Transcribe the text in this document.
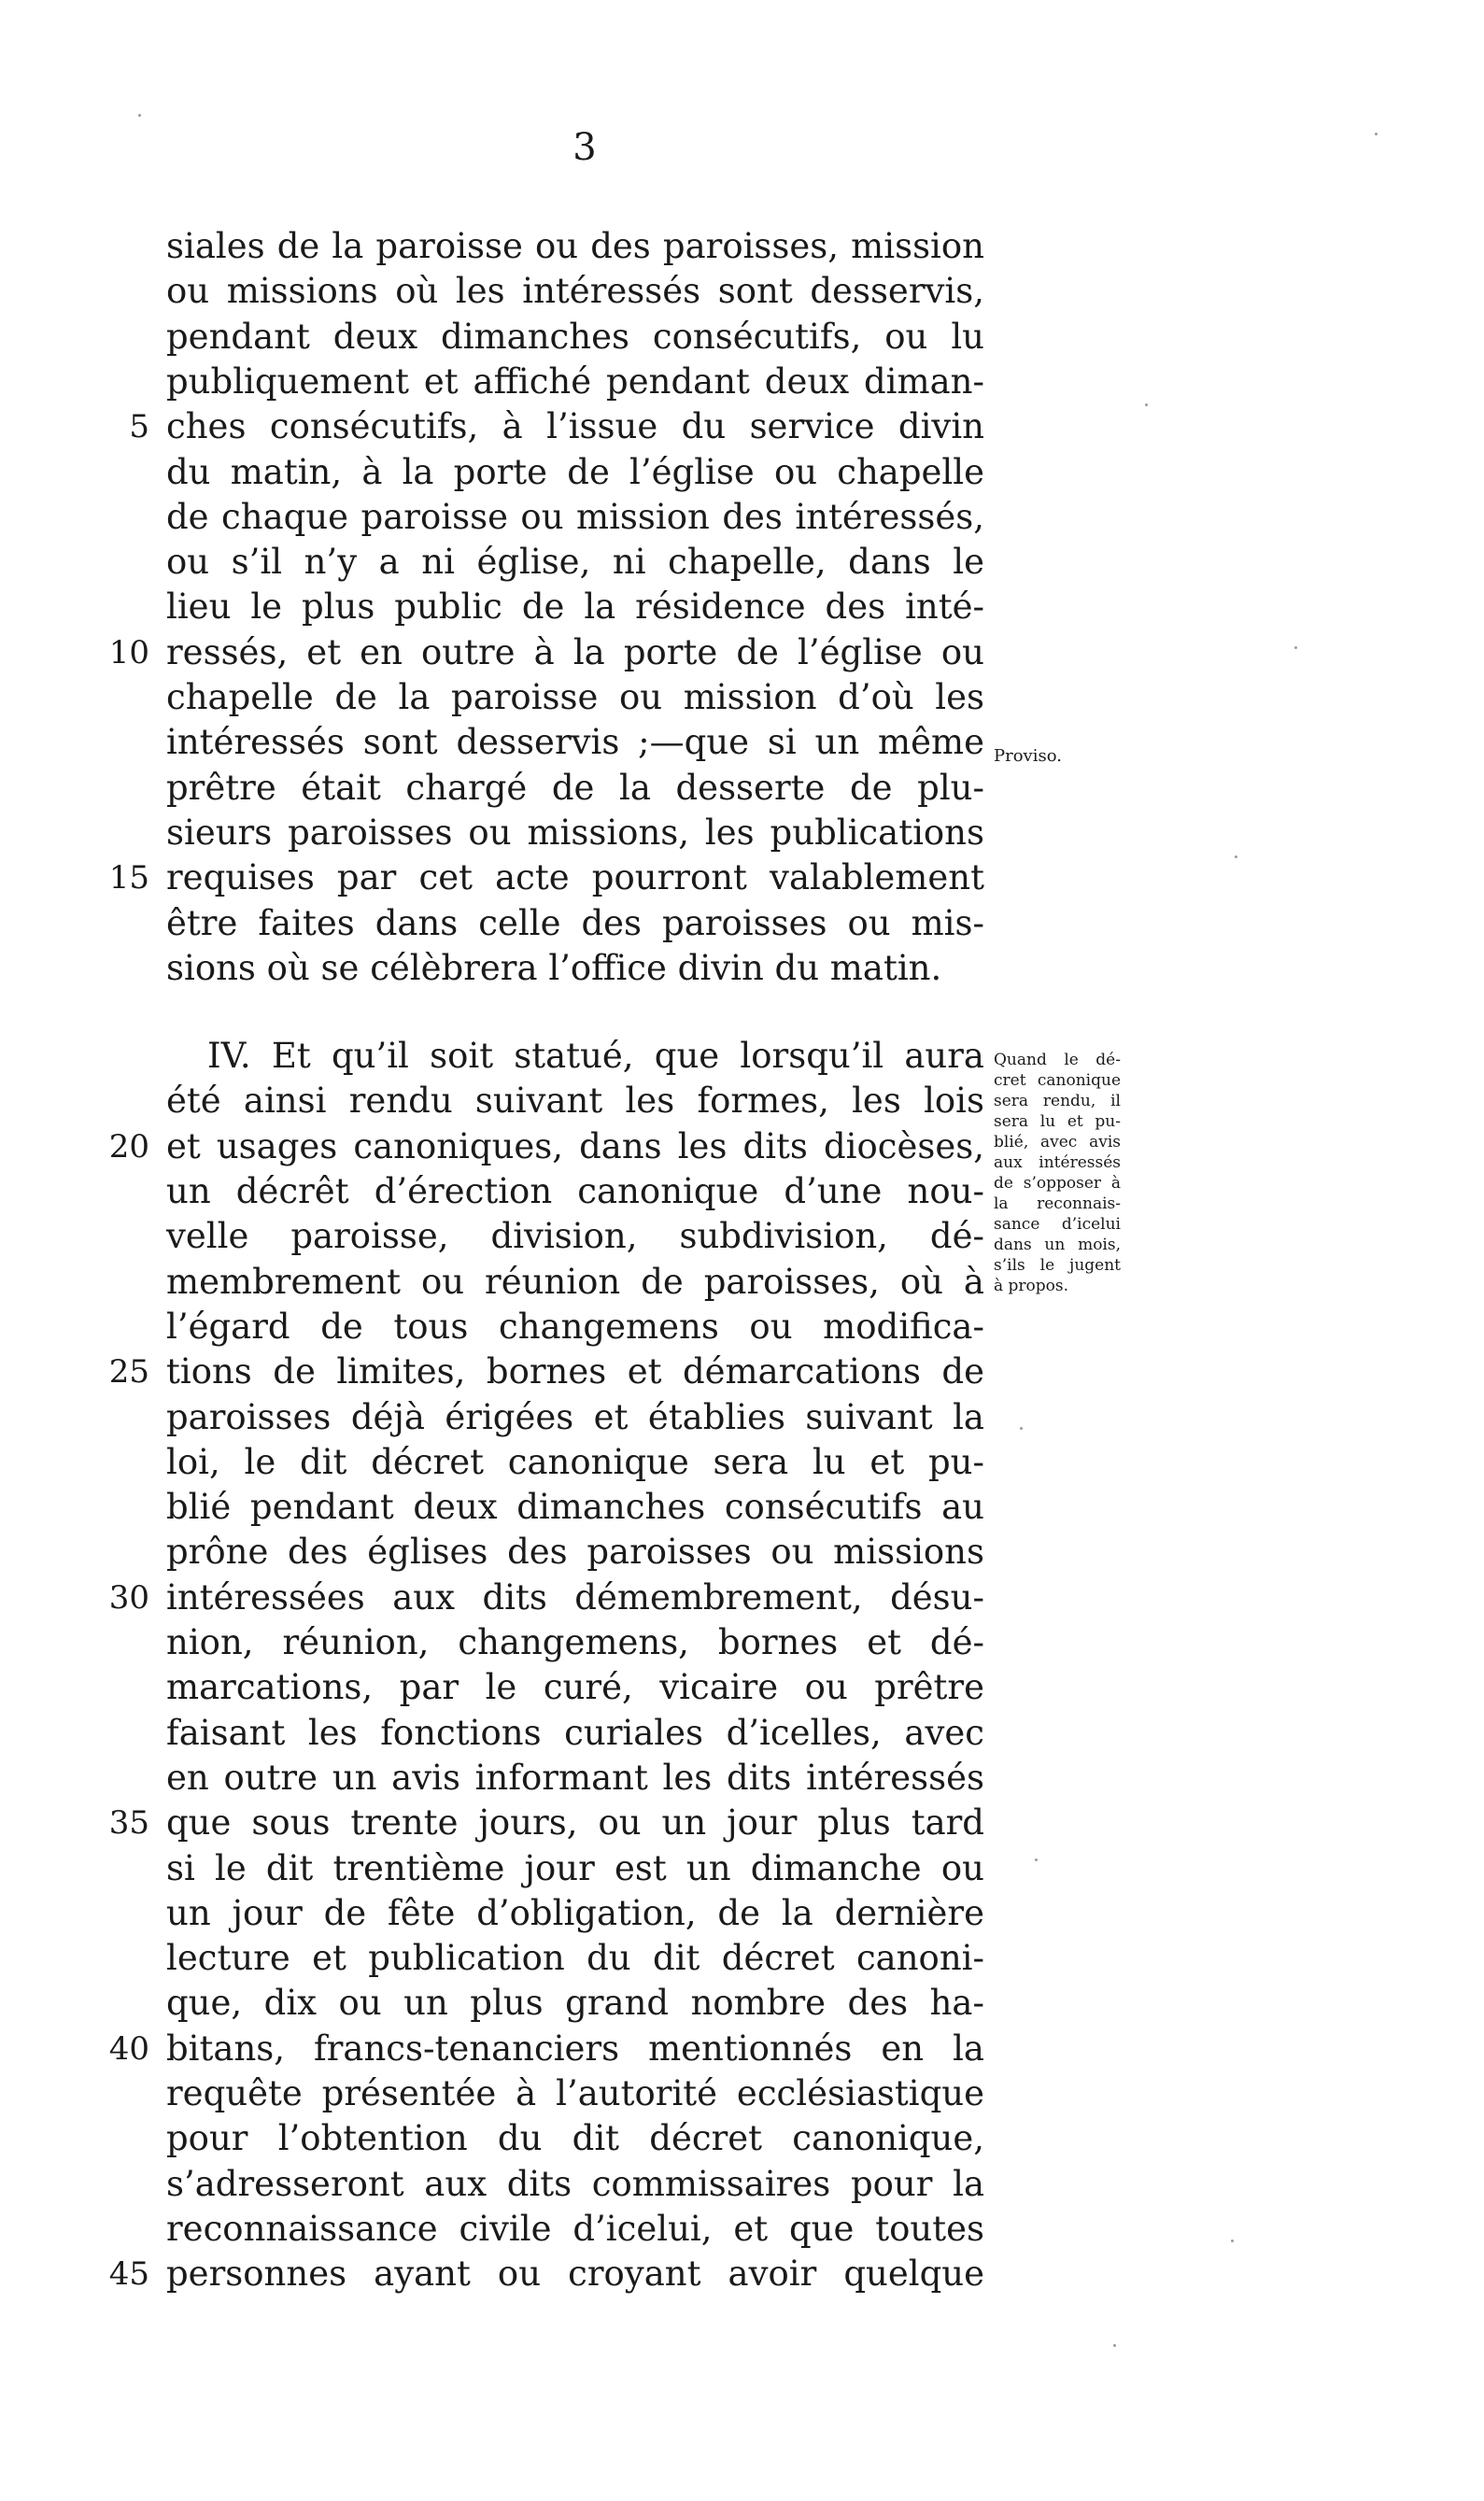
3
siales de la paroisse ou des paroisses, mission
ou missions où les intéressés sont desservis,
pendant deux dimanches consécutifs, ou lu
publiquement et affiché pendant deux diman-
ches consécutifs, à l’issue du service divin
du matin, à la porte de l’église ou chapelle
de chaque paroisse ou mission des intéressés,
ou s’il n’y a ni église, ni chapelle, dans le
lieu le plus public de la résidence des inté-
ressés, et en outre à la porte de l’église ou
chapelle de la paroisse ou mission d’où les
intéressés sont desservis ;—que si un même
prêtre était chargé de la desserte de plu-
sieurs paroisses ou missions, les publications
requises par cet acte pourront valablement
être faites dans celle des paroisses ou mis-
sions où se célèbrera l’office divin du matin.
IV. Et qu’il soit statué, que lorsqu’il aura
été ainsi rendu suivant les formes, les lois
et usages canoniques, dans les dits diocèses,
un décrêt d’érection canonique d’une nou-
velle paroisse, division, subdivision, dé-
membrement ou réunion de paroisses, où à
l’égard de tous changemens ou modifica-
tions de limites, bornes et démarcations de
paroisses déjà érigées et établies suivant la
loi, le dit décret canonique sera lu et pu-
blié pendant deux dimanches consécutifs au
prône des églises des paroisses ou missions
intéressées aux dits démembrement, désu-
nion, réunion, changemens, bornes et dé-
marcations, par le curé, vicaire ou prêtre
faisant les fonctions curiales d’icelles, avec
en outre un avis informant les dits intéressés
que sous trente jours, ou un jour plus tard
si le dit trentième jour est un dimanche ou
un jour de fête d’obligation, de la dernière
lecture et publication du dit décret canoni-
que, dix ou un plus grand nombre des ha-
bitans, francs-tenanciers mentionnés en la
requête présentée à l’autorité ecclésiastique
pour l’obtention du dit décret canonique,
s’adresseront aux dits commissaires pour la
reconnaissance civile d’icelui, et que toutes
personnes ayant ou croyant avoir quelque
5
10
15
20
25
30
35
40
45
Proviso.
Quand le dé-
cret canonique
sera rendu, il
sera lu et pu-
blié, avec avis
aux intéressés
de s’opposer à
la reconnais-
sance d’icelui
dans un mois,
s’ils le jugent
à propos.
